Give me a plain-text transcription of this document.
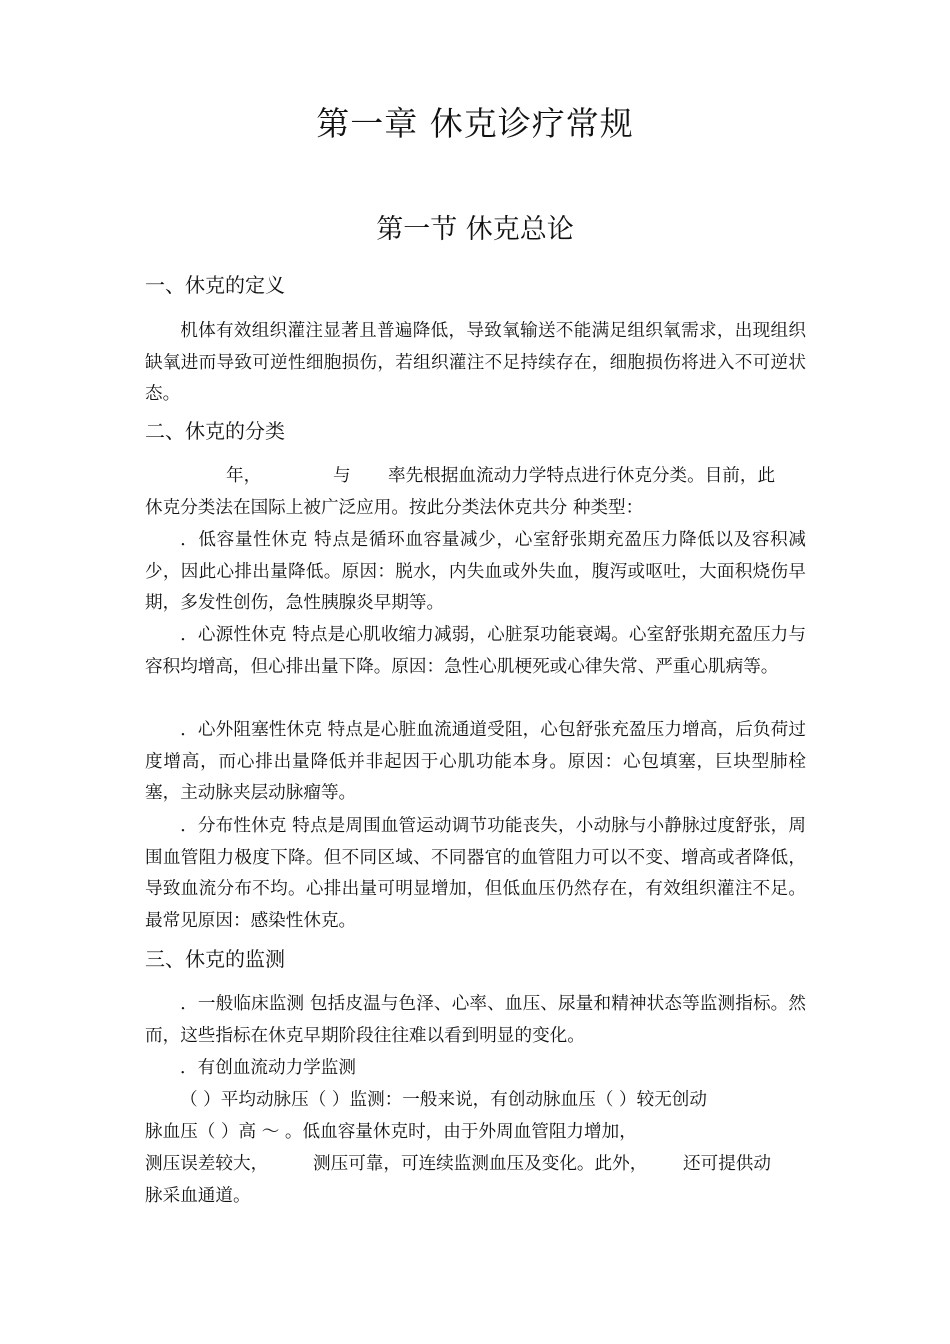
第一章 休克诊疗常规
第一节 休克总论
一、休克的定义

机体有效组织灌注显著且普遍降低，导致氧输送不能满足组织氧需求，出现组织缺氧进而导致可逆性细胞损伤，若组织灌注不足持续存在，细胞损伤将进入不可逆状态。

二、休克的分类
年，	与 率先根据血流动力学特点进行休克分类。目前，此
休克分类法在国际上被广泛应用。按此分类法休克共分 种类型：

．低容量性休克 特点是循环血容量减少，心室舒张期充盈压力降低以及容积减少，因此心排出量降低。原因：脱水，内失血或外失血，腹泻或呕吐，大面积烧伤早期，多发性创伤，急性胰腺炎早期等。

．心源性休克 特点是心肌收缩力减弱，心脏泵功能衰竭。心室舒张期充盈压力与容积均增高，但心排出量下降。原因：急性心肌梗死或心律失常、严重心肌病等。

．心外阻塞性休克 特点是心脏血流通道受阻，心包舒张充盈压力增高，后负荷过度增高，而心排出量降低并非起因于心肌功能本身。原因：心包填塞，巨块型肺栓塞，主动脉夹层动脉瘤等。

．分布性休克 特点是周围血管运动调节功能丧失，小动脉与小静脉过度舒张，周围血管阻力极度下降。但不同区域、不同器官的血管阻力可以不变、增高或者降低，导致血流分布不均。心排出量可明显增加，但低血压仍然存在，有效组织灌注不足。最常见原因：感染性休克。

三、休克的监测

．一般临床监测 包括皮温与色泽、心率、血压、尿量和精神状态等监测指标。然而，这些指标在休克早期阶段往往难以看到明显的变化。

．有创血流动力学监测
（ ）平均动脉压（ ）监测：一般来说，有创动脉血压（ ）较无创动
脉血压（ ）高 ～ 。低血容量休克时，由于外周血管阻力增加，
测压误差较大，	测压可靠，可连续监测血压及变化。此外， 还可提供动
脉采血通道。
